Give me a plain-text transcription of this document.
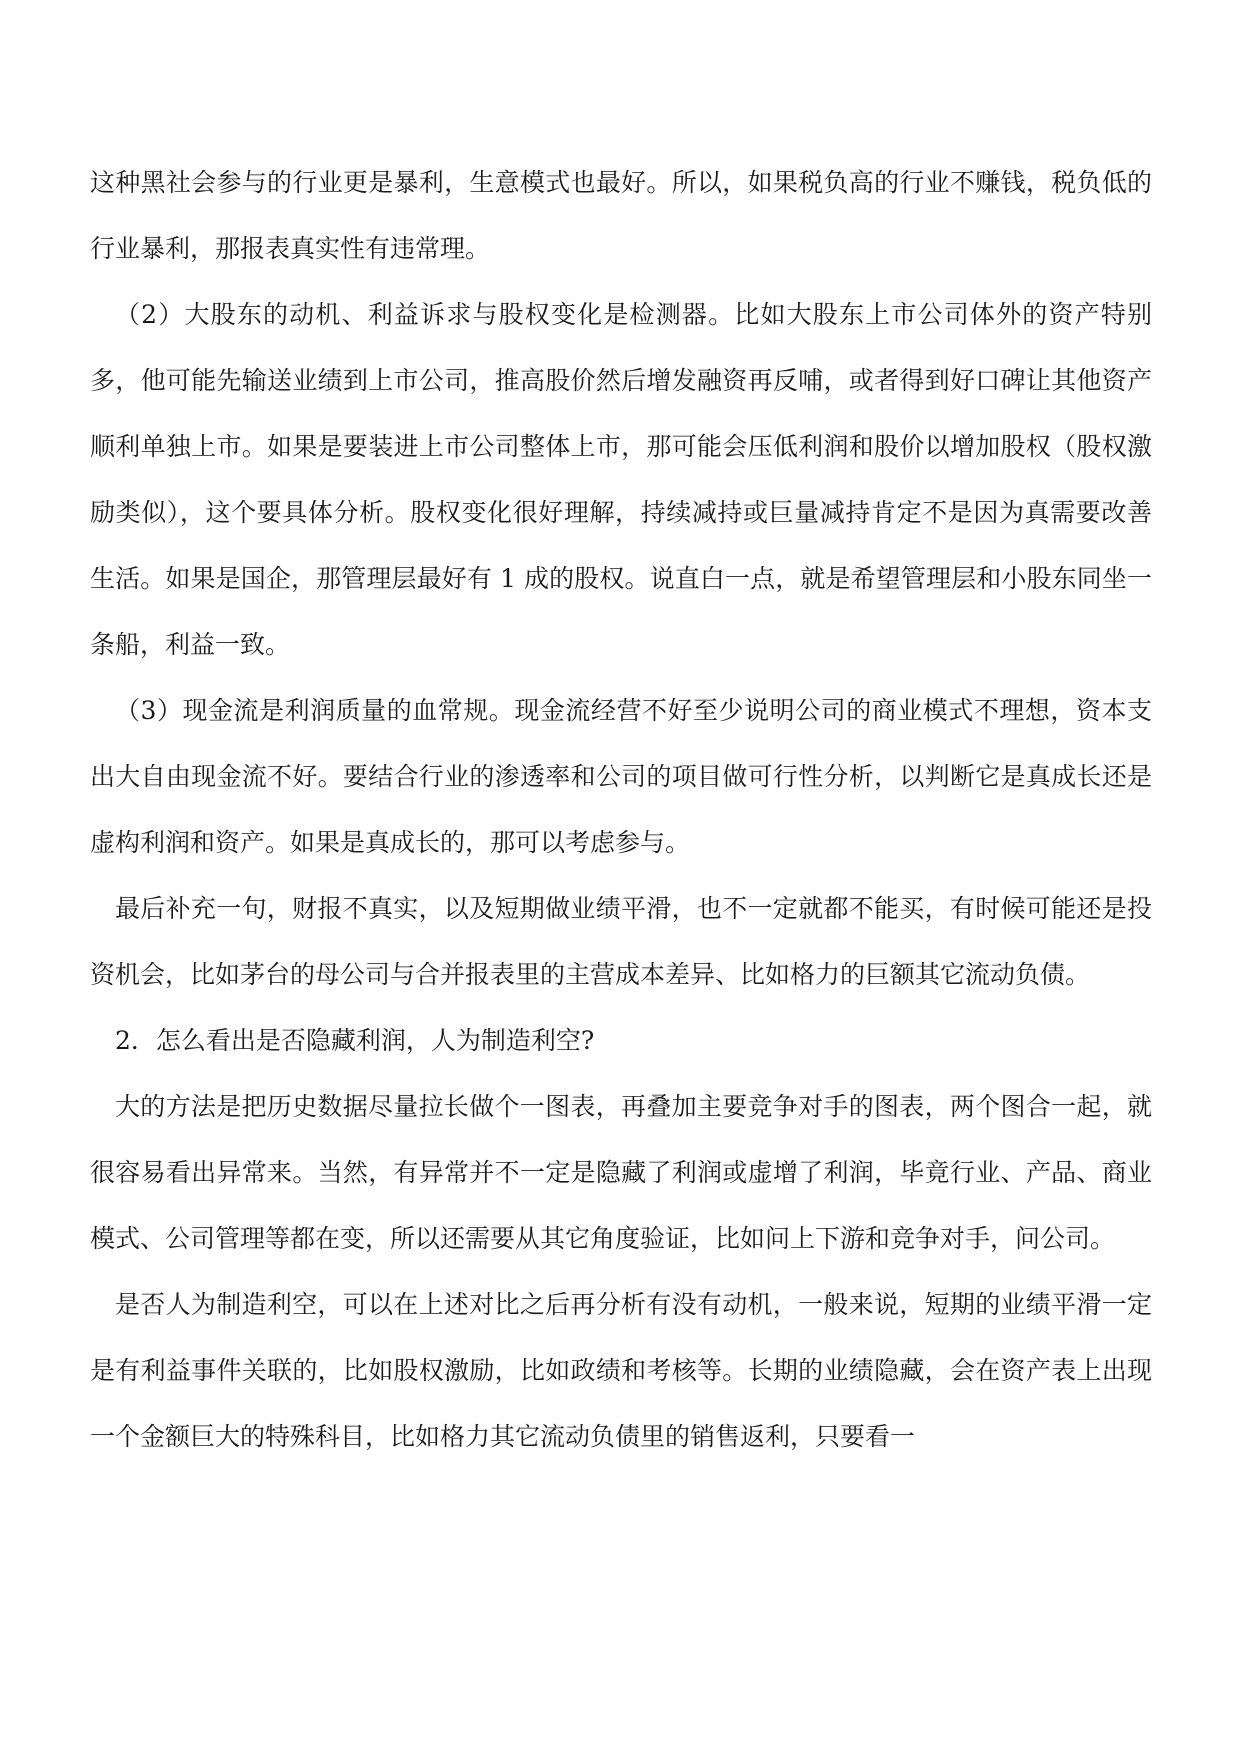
这种黑社会参与的行业更是暴利，生意模式也最好。所以，如果税负高的行业不赚钱，税负低的行业暴利，那报表真实性有违常理。

（2）大股东的动机、利益诉求与股权变化是检测器。比如大股东上市公司体外的资产特别多，他可能先输送业绩到上市公司，推高股价然后增发融资再反哺，或者得到好口碑让其他资产顺利单独上市。如果是要装进上市公司整体上市，那可能会压低利润和股价以增加股权（股权激励类似），这个要具体分析。股权变化很好理解，持续减持或巨量减持肯定不是因为真需要改善生活。如果是国企，那管理层最好有 1 成的股权。说直白一点，就是希望管理层和小股东同坐一条船，利益一致。

（3）现金流是利润质量的血常规。现金流经营不好至少说明公司的商业模式不理想，资本支出大自由现金流不好。要结合行业的渗透率和公司的项目做可行性分析，以判断它是真成长还是虚构利润和资产。如果是真成长的，那可以考虑参与。

最后补充一句，财报不真实，以及短期做业绩平滑，也不一定就都不能买，有时候可能还是投资机会，比如茅台的母公司与合并报表里的主营成本差异、比如格力的巨额其它流动负债。

2．怎么看出是否隐藏利润，人为制造利空?

大的方法是把历史数据尽量拉长做个一图表，再叠加主要竞争对手的图表，两个图合一起，就很容易看出异常来。当然，有异常并不一定是隐藏了利润或虚增了利润，毕竟行业、产品、商业模式、公司管理等都在变，所以还需要从其它角度验证，比如问上下游和竞争对手，问公司。

是否人为制造利空，可以在上述对比之后再分析有没有动机，一般来说，短期的业绩平滑一定是有利益事件关联的，比如股权激励，比如政绩和考核等。长期的业绩隐藏，会在资产表上出现一个金额巨大的特殊科目，比如格力其它流动负债里的销售返利，只要看一
